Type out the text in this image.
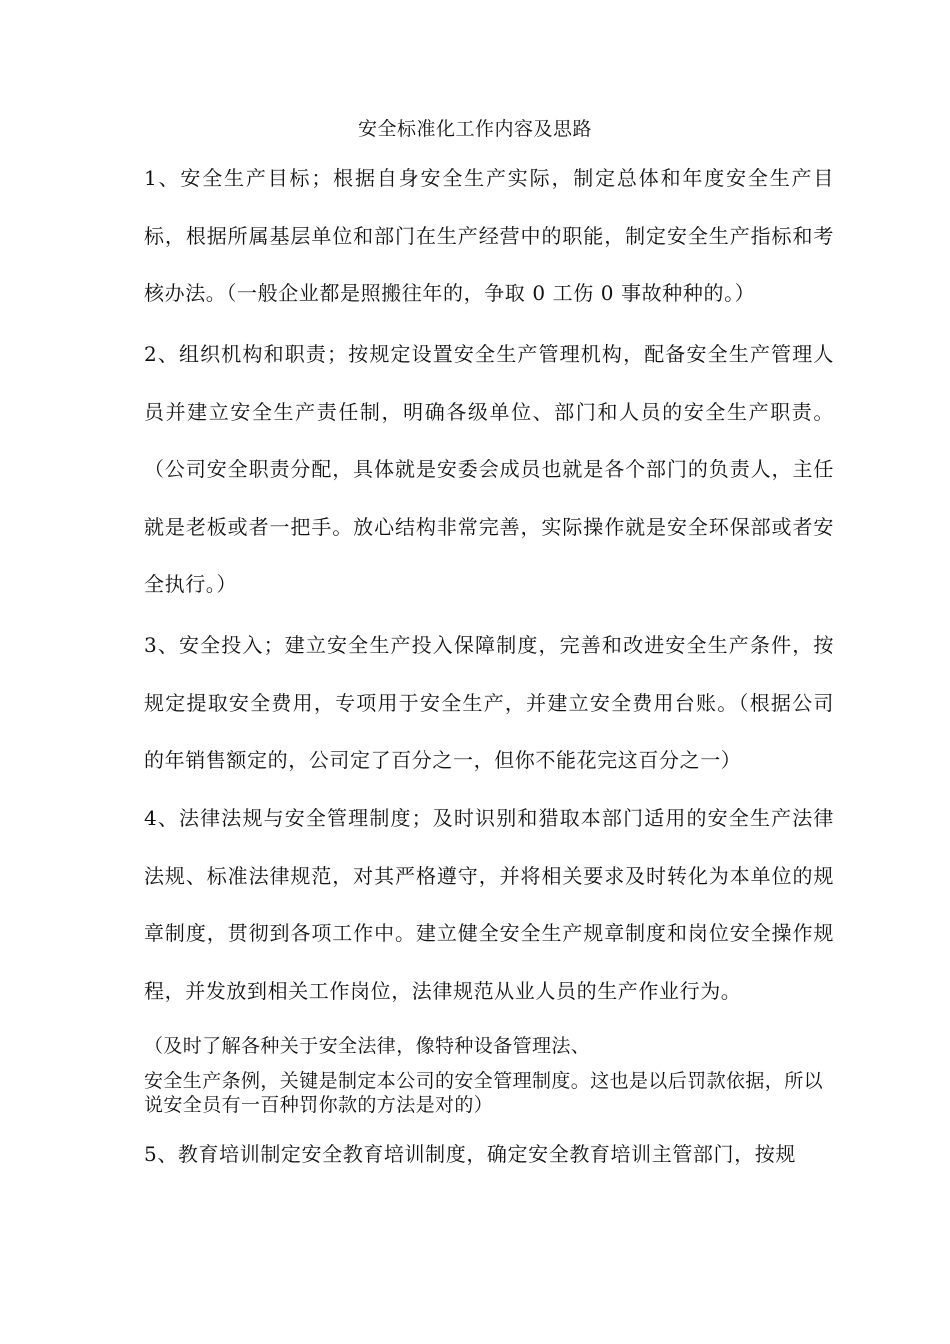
安全标准化工作内容及思路

1、安全生产目标；根据自身安全生产实际，制定总体和年度安全生产目标，根据所属基层单位和部门在生产经营中的职能，制定安全生产指标和考核办法。（一般企业都是照搬往年的，争取 0 工伤 0 事故种种的。）

2、组织机构和职责；按规定设置安全生产管理机构，配备安全生产管理人员并建立安全生产责任制，明确各级单位、部门和人员的安全生产职责。（公司安全职责分配，具体就是安委会成员也就是各个部门的负责人，主任就是老板或者一把手。放心结构非常完善，实际操作就是安全环保部或者安全执行。）

3、安全投入；建立安全生产投入保障制度，完善和改进安全生产条件，按规定提取安全费用，专项用于安全生产，并建立安全费用台账。（根据公司的年销售额定的，公司定了百分之一，但你不能花完这百分之一）

4、法律法规与安全管理制度；及时识别和猎取本部门适用的安全生产法律法规、标准法律规范，对其严格遵守，并将相关要求及时转化为本单位的规章制度，贯彻到各项工作中。建立健全安全生产规章制度和岗位安全操作规程，并发放到相关工作岗位，法律规范从业人员的生产作业行为。

（及时了解各种关于安全法律，像特种设备管理法、

安全生产条例，关键是制定本公司的安全管理制度。这也是以后罚款依据，所以说安全员有一百种罚你款的方法是对的）

5、教育培训制定安全教育培训制度，确定安全教育培训主管部门，按规
